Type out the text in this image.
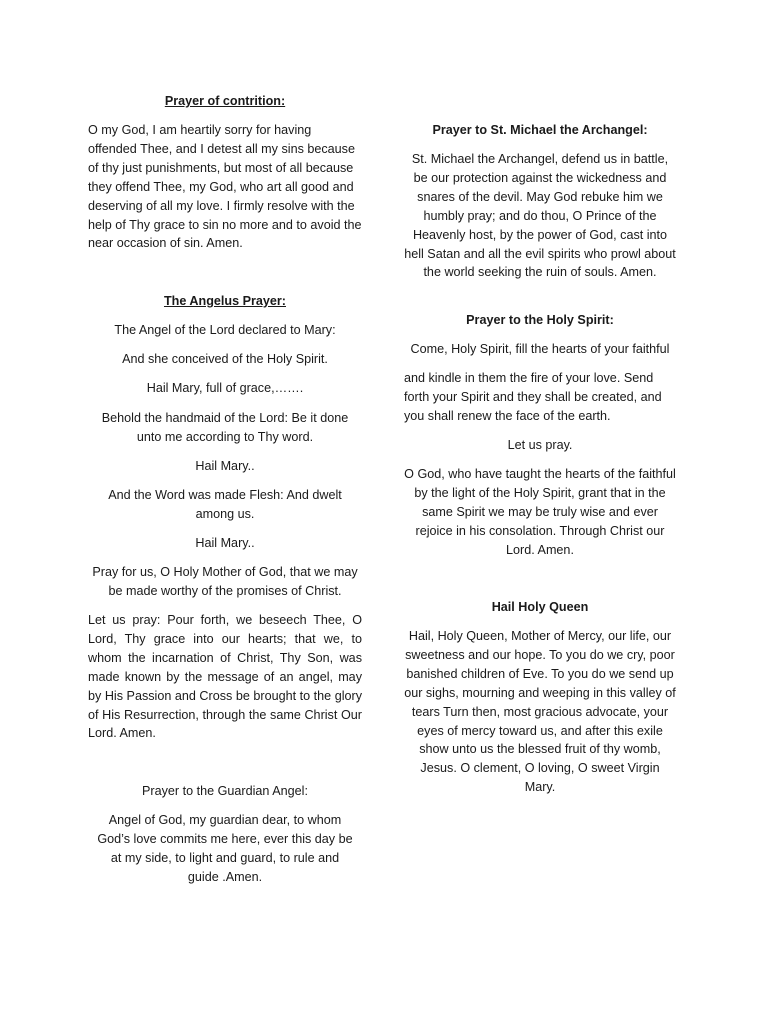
Prayer of contrition:

O my God, I am heartily sorry for having offended Thee, and I detest all my sins because of thy just punishments, but most of all because they offend Thee, my God, who art all good and deserving of all my love. I firmly resolve with the help of Thy grace to sin no more and to avoid the near occasion of sin. Amen.

The Angelus Prayer:

The Angel of the Lord declared to Mary:

And she conceived of the Holy Spirit.

Hail Mary, full of grace,…….

Behold the handmaid of the Lord: Be it done unto me according to Thy word.

Hail Mary..

And the Word was made Flesh: And dwelt among us.

Hail Mary..

Pray for us, O Holy Mother of God, that we may be made worthy of the promises of Christ.

Let us pray: Pour forth, we beseech Thee, O Lord, Thy grace into our hearts; that we, to whom the incarnation of Christ, Thy Son, was made known by the message of an angel, may by His Passion and Cross be brought to the glory of His Resurrection, through the same Christ Our Lord. Amen.

Prayer to the Guardian Angel:

Angel of God, my guardian dear, to whom God’s love commits me here, ever this day be at my side, to light and guard, to rule and guide .Amen.

Prayer to St. Michael the Archangel:

St. Michael the Archangel, defend us in battle, be our protection against the wickedness and snares of the devil. May God rebuke him we humbly pray; and do thou, O Prince of the Heavenly host, by the power of God, cast into hell Satan and all the evil spirits who prowl about the world seeking the ruin of souls. Amen.

Prayer to the Holy Spirit:

Come, Holy Spirit, fill the hearts of your faithful

and kindle in them the fire of your love. Send forth your Spirit and they shall be created, and you shall renew the face of the earth.

Let us pray.

O God, who have taught the hearts of the faithful by the light of the Holy Spirit, grant that in the same Spirit we may be truly wise and ever rejoice in his consolation. Through Christ our Lord. Amen.

Hail Holy Queen

Hail, Holy Queen, Mother of Mercy, our life, our sweetness and our hope. To you do we cry, poor banished children of Eve. To you do we send up our sighs, mourning and weeping in this valley of tears Turn then, most gracious advocate, your eyes of mercy toward us, and after this exile show unto us the blessed fruit of thy womb, Jesus. O clement, O loving, O sweet Virgin Mary.
